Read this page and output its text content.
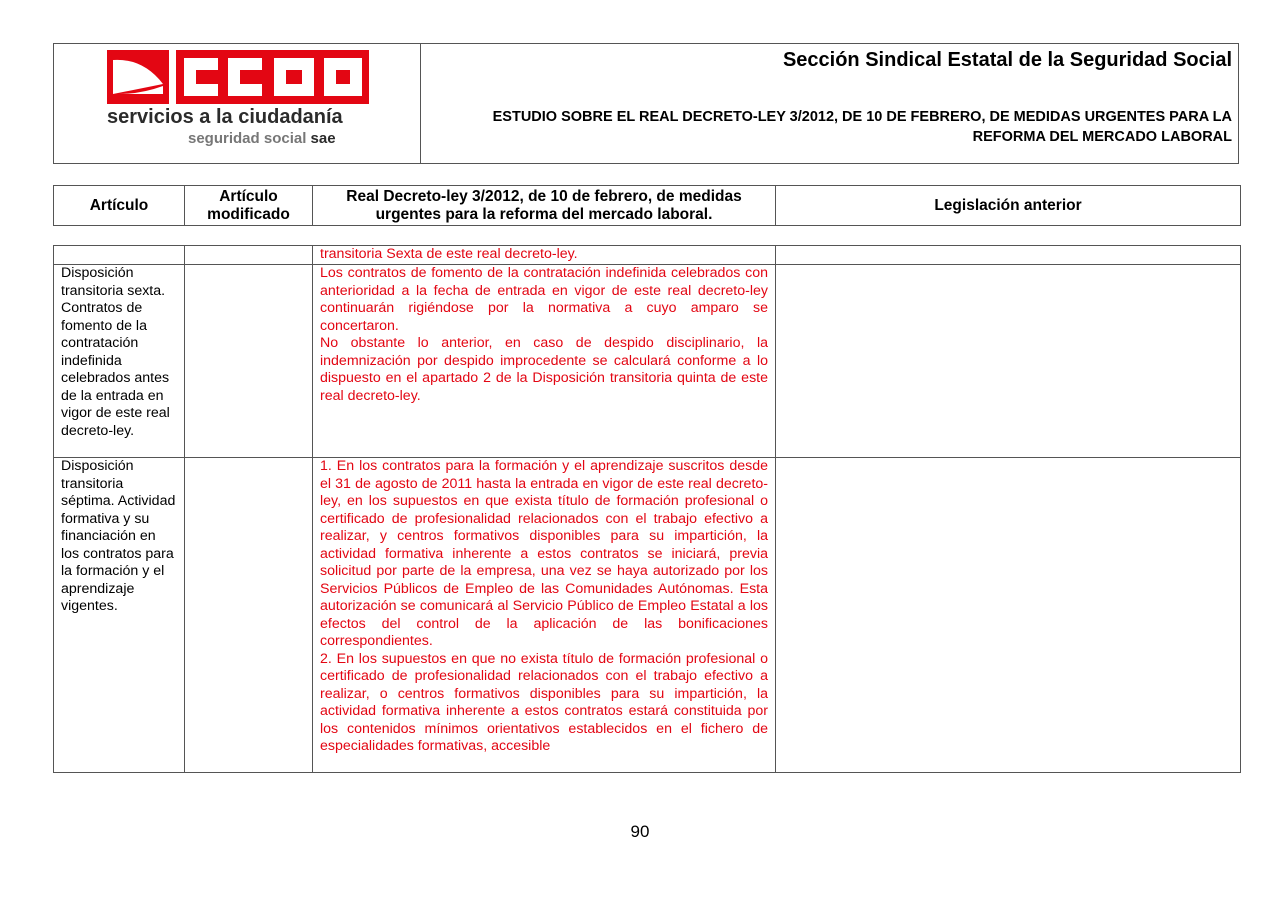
servicios a la ciudadanía
seguridad social sae
Sección Sindical Estatal de la Seguridad Social
ESTUDIO SOBRE EL REAL DECRETO-LEY 3/2012, DE 10 DE FEBRERO, DE MEDIDAS URGENTES PARA LA REFORMA DEL MERCADO LABORAL
Artículo	Artículo modificado	Real Decreto-ley 3/2012, de 10 de febrero, de medidas urgentes para la reforma del mercado laboral.	Legislación anterior

		transitoria Sexta de este real decreto-ley.	

Disposición transitoria sexta. Contratos de fomento de la contratación indefinida celebrados antes de la entrada en vigor de este real decreto-ley.		Los contratos de fomento de la contratación indefinida celebrados con anterioridad a la fecha de entrada en vigor de este real decreto-ley continuarán rigiéndose por la normativa a cuyo amparo se concertaron.

No obstante lo anterior, en caso de despido disciplinario, la indemnización por despido improcedente se calculará conforme a lo dispuesto en el apartado 2 de la Disposición transitoria quinta de este real decreto-ley.	

Disposición transitoria séptima. Actividad formativa y su financiación en los contratos para la formación y el aprendizaje vigentes.		1. En los contratos para la formación y el aprendizaje suscritos desde el 31 de agosto de 2011 hasta la entrada en vigor de este real decreto-ley, en los supuestos en que exista título de formación profesional o certificado de profesionalidad relacionados con el trabajo efectivo a realizar, y centros formativos disponibles para su impartición, la actividad formativa inherente a estos contratos se iniciará, previa solicitud por parte de la empresa, una vez se haya autorizado por los Servicios Públicos de Empleo de las Comunidades Autónomas. Esta autorización se comunicará al Servicio Público de Empleo Estatal a los efectos del control de la aplicación de las bonificaciones correspondientes.

2. En los supuestos en que no exista título de formación profesional o certificado de profesionalidad relacionados con el trabajo efectivo a realizar, o centros formativos disponibles para su impartición, la actividad formativa inherente a estos contratos estará constituida por los contenidos mínimos orientativos establecidos en el fichero de especialidades formativas, accesible	

90
